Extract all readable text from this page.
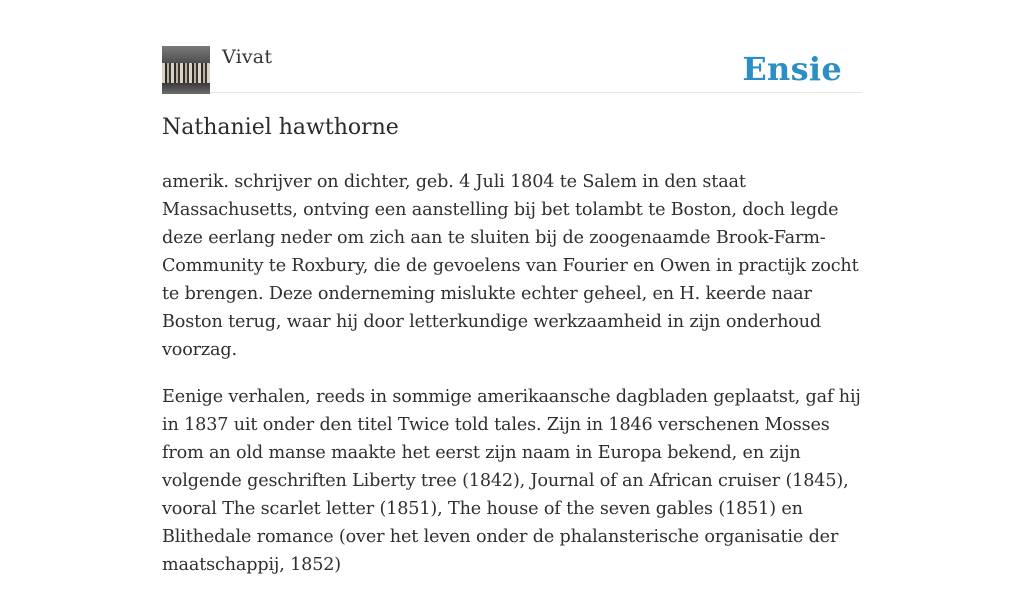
Vivat	Ensie
Nathaniel hawthorne

amerik. schrijver on dichter, geb. 4 Juli 1804 te Salem in den staat Massachusetts, ontving een aanstelling bij bet tolambt te Boston, doch legde deze eerlang neder om zich aan te sluiten bij de zoogenaamde Brook-Farm-Community te Roxbury, die de gevoelens van Fourier en Owen in practijk zocht te brengen. Deze onderneming mislukte echter geheel, en H. keerde naar Boston terug, waar hij door letterkundige werkzaamheid in zijn onderhoud voorzag.

Eenige verhalen, reeds in sommige amerikaansche dagbladen geplaatst, gaf hij in 1837 uit onder den titel Twice told tales. Zijn in 1846 verschenen Mosses from an old manse maakte het eerst zijn naam in Europa bekend, en zijn volgende geschriften Liberty tree (1842), Journal of an African cruiser (1845), vooral The scarlet letter (1851), The house of the seven gables (1851) en Blithedale romance (over het leven onder de phalansterische organisatie der maatschappij, 1852)
